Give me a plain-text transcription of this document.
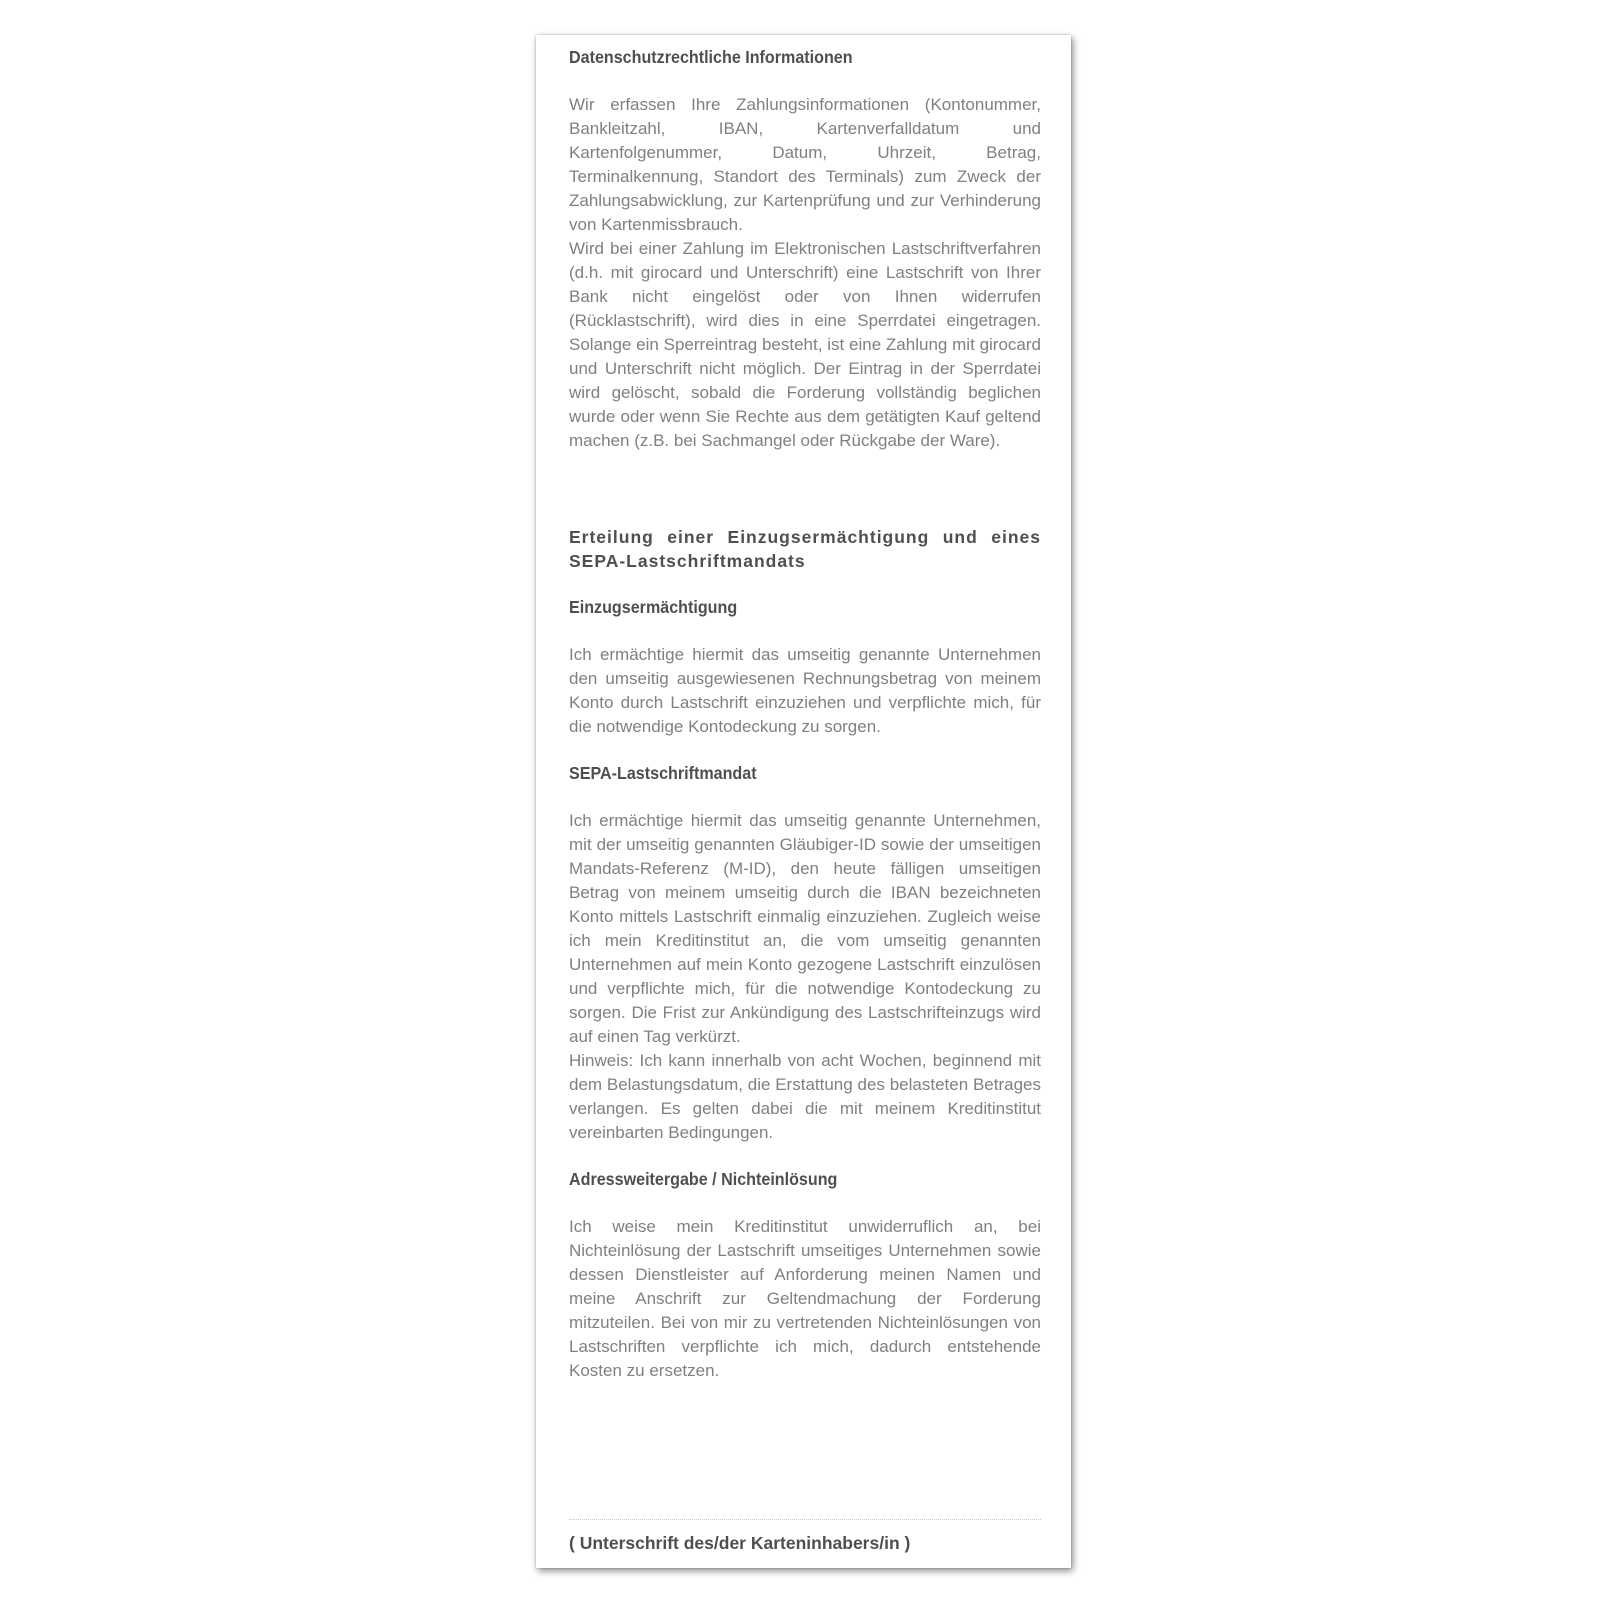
Datenschutzrechtliche Informationen
Wir erfassen Ihre Zahlungsinformationen (Kontonummer, Bankleitzahl, IBAN, Kartenverfalldatum und Kartenfolgenummer, Datum, Uhrzeit, Betrag, Terminalkennung, Standort des Terminals) zum Zweck der Zahlungsabwicklung, zur Kartenprüfung und zur Verhinderung von Kartenmissbrauch.
Wird bei einer Zahlung im Elektronischen Lastschriftverfahren (d.h. mit girocard und Unterschrift) eine Lastschrift von Ihrer Bank nicht eingelöst oder von Ihnen widerrufen (Rücklastschrift), wird dies in eine Sperrdatei eingetragen. Solange ein Sperreintrag besteht, ist eine Zahlung mit girocard und Unterschrift nicht möglich. Der Eintrag in der Sperrdatei wird gelöscht, sobald die Forderung vollständig beglichen wurde oder wenn Sie Rechte aus dem getätigten Kauf geltend machen (z.B. bei Sachmangel oder Rückgabe der Ware).
Erteilung einer Einzugsermächtigung und eines SEPA-Lastschriftmandats
Einzugsermächtigung
Ich ermächtige hiermit das umseitig genannte Unternehmen den umseitig ausgewiesenen Rechnungsbetrag von meinem Konto durch Lastschrift einzuziehen und verpflichte mich, für die notwendige Kontodeckung zu sorgen.
SEPA-Lastschriftmandat
Ich ermächtige hiermit das umseitig genannte Unternehmen, mit der umseitig genannten Gläubiger-ID sowie der umseitigen Mandats-Referenz (M-ID), den heute fälligen umseitigen Betrag von meinem umseitig durch die IBAN bezeichneten Konto mittels Lastschrift einmalig einzuziehen. Zugleich weise ich mein Kreditinstitut an, die vom umseitig genannten Unternehmen auf mein Konto gezogene Lastschrift einzulösen und verpflichte mich, für die notwendige Kontodeckung zu sorgen. Die Frist zur Ankündigung des Lastschrifteinzugs wird auf einen Tag verkürzt.
Hinweis: Ich kann innerhalb von acht Wochen, beginnend mit dem Belastungsdatum, die Erstattung des belasteten Betrages verlangen. Es gelten dabei die mit meinem Kreditinstitut vereinbarten Bedingungen.
Adressweitergabe / Nichteinlösung
Ich weise mein Kreditinstitut unwiderruflich an, bei Nichteinlösung der Lastschrift umseitiges Unternehmen sowie dessen Dienstleister auf Anforderung meinen Namen und meine Anschrift zur Geltendmachung der Forderung mitzuteilen. Bei von mir zu vertretenden Nichteinlösungen von Lastschriften verpflichte ich mich, dadurch entstehende Kosten zu ersetzen.
( Unterschrift des/der Karteninhabers/in )
